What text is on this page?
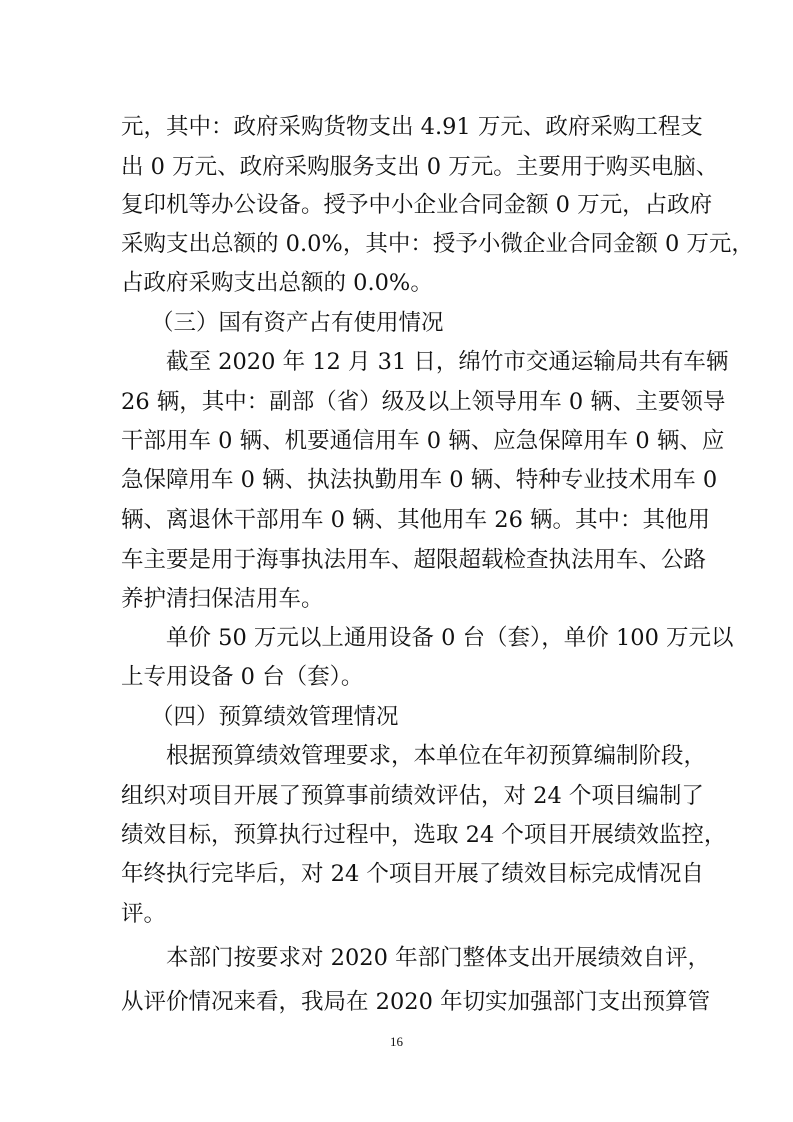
元，其中：政府采购货物支出 4.91 万元、政府采购工程支
出 0 万元、政府采购服务支出 0 万元。主要用于购买电脑、
复印机等办公设备。授予中小企业合同金额 0 万元，占政府
采购支出总额的 0.0%，其中：授予小微企业合同金额 0 万元，
占政府采购支出总额的 0.0%。
（三）国有资产占有使用情况
截至 2020 年 12 月 31 日，绵竹市交通运输局共有车辆
26 辆，其中：副部（省）级及以上领导用车 0 辆、主要领导
干部用车 0 辆、机要通信用车 0 辆、应急保障用车 0 辆、应
急保障用车 0 辆、执法执勤用车 0 辆、特种专业技术用车 0
辆、离退休干部用车 0 辆、其他用车 26 辆。其中：其他用
车主要是用于海事执法用车、超限超载检查执法用车、公路
养护清扫保洁用车。
单价 50 万元以上通用设备 0 台（套），单价 100 万元以
上专用设备 0 台（套）。
（四）预算绩效管理情况
根据预算绩效管理要求，本单位在年初预算编制阶段，
组织对项目开展了预算事前绩效评估，对 24 个项目编制了
绩效目标，预算执行过程中，选取 24 个项目开展绩效监控，
年终执行完毕后，对 24 个项目开展了绩效目标完成情况自
评。
16
本部门按要求对 2020 年部门整体支出开展绩效自评，
从评价情况来看，我局在 2020 年切实加强部门支出预算管
